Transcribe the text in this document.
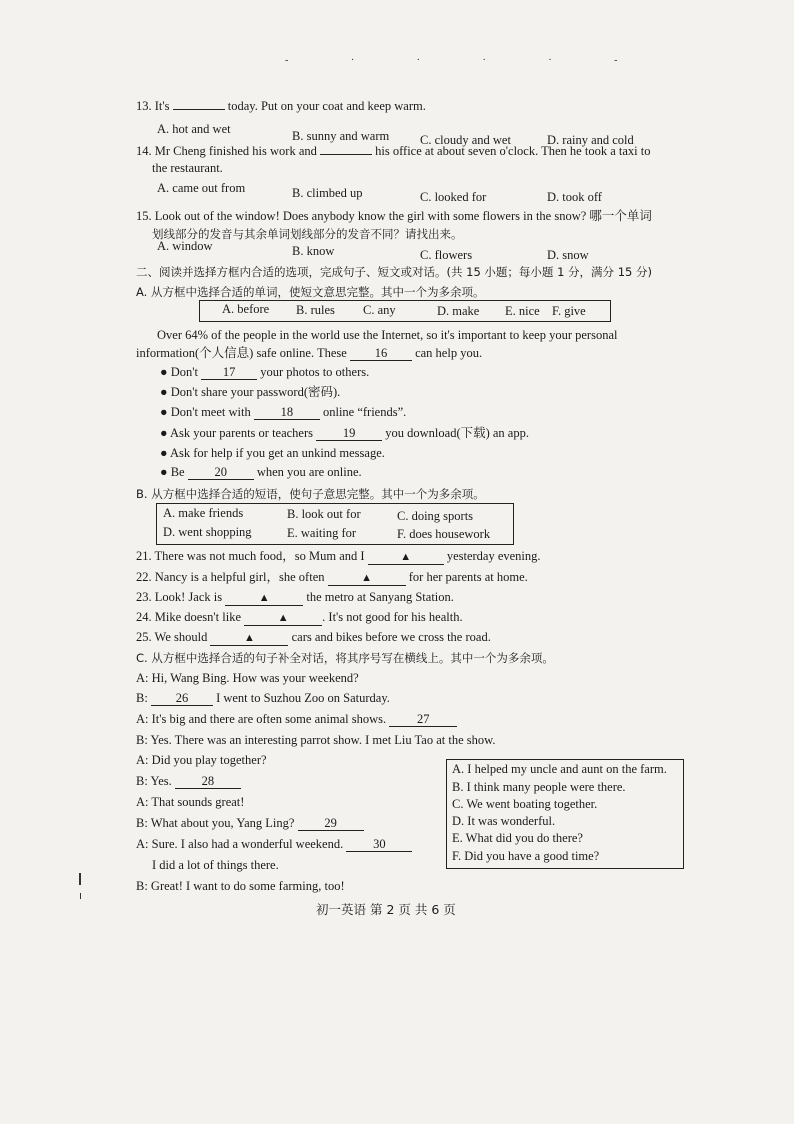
- · · · · -
13. It's	today. Put on your coat and keep warm.
A. hot and wet	B. sunny and warm C. cloudy and wet	D. rainy and cold
14. Mr Cheng finished his work and	his office at about seven o'clock. Then he took a taxi to
the restaurant.
A. came out from	B. climbed up	C. looked for	D. took off
15. Look out of the window! Does anybody know the girl with some flowers in the snow? 哪一个单词
划线部分的发音与其余单词划线部分的发音不同？请找出来。
A. window	B. know	C. flowers	D. snow
二、阅读并选择方框内合适的选项，完成句子、短文或对话。(共 15 小题；每小题 1 分，满分 15 分)
A. 从方框中选择合适的单词，使短文意思完整。其中一个为多余项。
A. before B. rules C. any	D. make E. nice F. give
Over 64% of the people in the world use the Internet, so it's important to keep your personal
information(个人信息) safe online. These 16 can help you.
● Don't 17 your photos to others.
● Don't share your password(密码).
● Don't meet with 18 online “friends”.
● Ask your parents or teachers 19 you download(下载) an app.
● Ask for help if you get an unkind message.
● Be 20 when you are online.
B. 从方框中选择合适的短语，使句子意思完整。其中一个为多余项。
A. make friends	B. look out for	C. doing sports
D. went shopping	E. waiting for	F. does housework
21. There was not much food，so Mum and I	▲	yesterday evening.
22. Nancy is a helpful girl，she often	▲	for her parents at home.
23. Look! Jack is	▲	the metro at Sanyang Station.
24. Mike doesn't like	▲	. It's not good for his health.
25. We should	▲	cars and bikes before we cross the road.
C. 从方框中选择合适的句子补全对话，将其序号写在横线上。其中一个为多余项。
A: Hi, Wang Bing. How was your weekend?
B: 26 I went to Suzhou Zoo on Saturday.
A: It's big and there are often some animal shows. 27
B: Yes. There was an interesting parrot show. I met Liu Tao at the show.
A: Did you play together?
B: Yes. 28
A: That sounds great!
B: What about you, Yang Ling? 29
A: Sure. I also had a wonderful weekend. 30
I did a lot of things there.
B: Great! I want to do some farming, too!
A. I helped my uncle and aunt on the farm.
B. I think many people were there.
C. We went boating together.
D. It was wonderful.
E. What did you do there?
F. Did you have a good time?
初一英语 第 2 页 共 6 页
